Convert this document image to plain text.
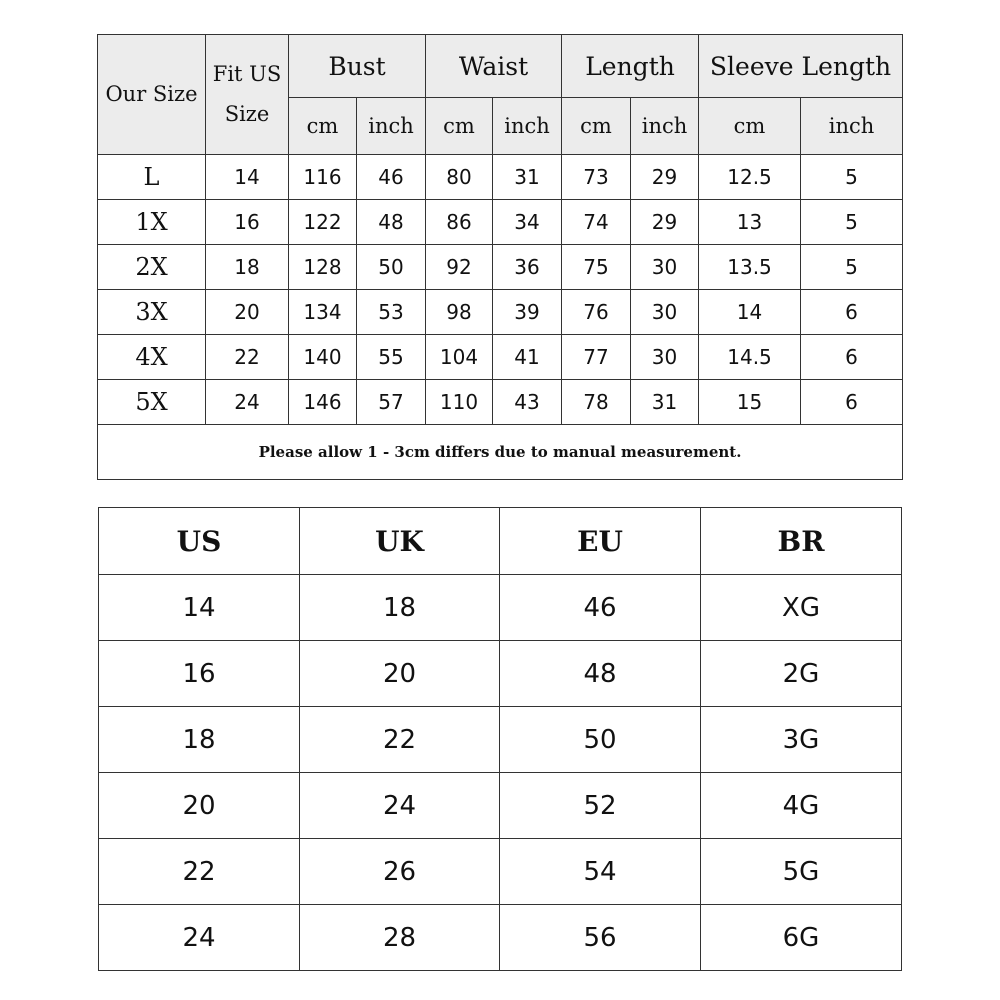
Our Size	Fit US Size	Bust		Waist		Length		Sleeve Length	
		cm	inch	cm	inch	cm	inch	cm	inch
L	14	116	46	80	31	73	29	12.5	5
1X	16	122	48	86	34	74	29	13	5
2X	18	128	50	92	36	75	30	13.5	5
3X	20	134	53	98	39	76	30	14	6
4X	22	140	55	104	41	77	30	14.5	6
5X	24	146	57	110	43	78	31	15	6
Please allow 1 - 3cm differs due to manual measurement.									
US	UK	EU	BR
14	18	46	XG
16	20	48	2G
18	22	50	3G
20	24	52	4G
22	26	54	5G
24	28	56	6G
